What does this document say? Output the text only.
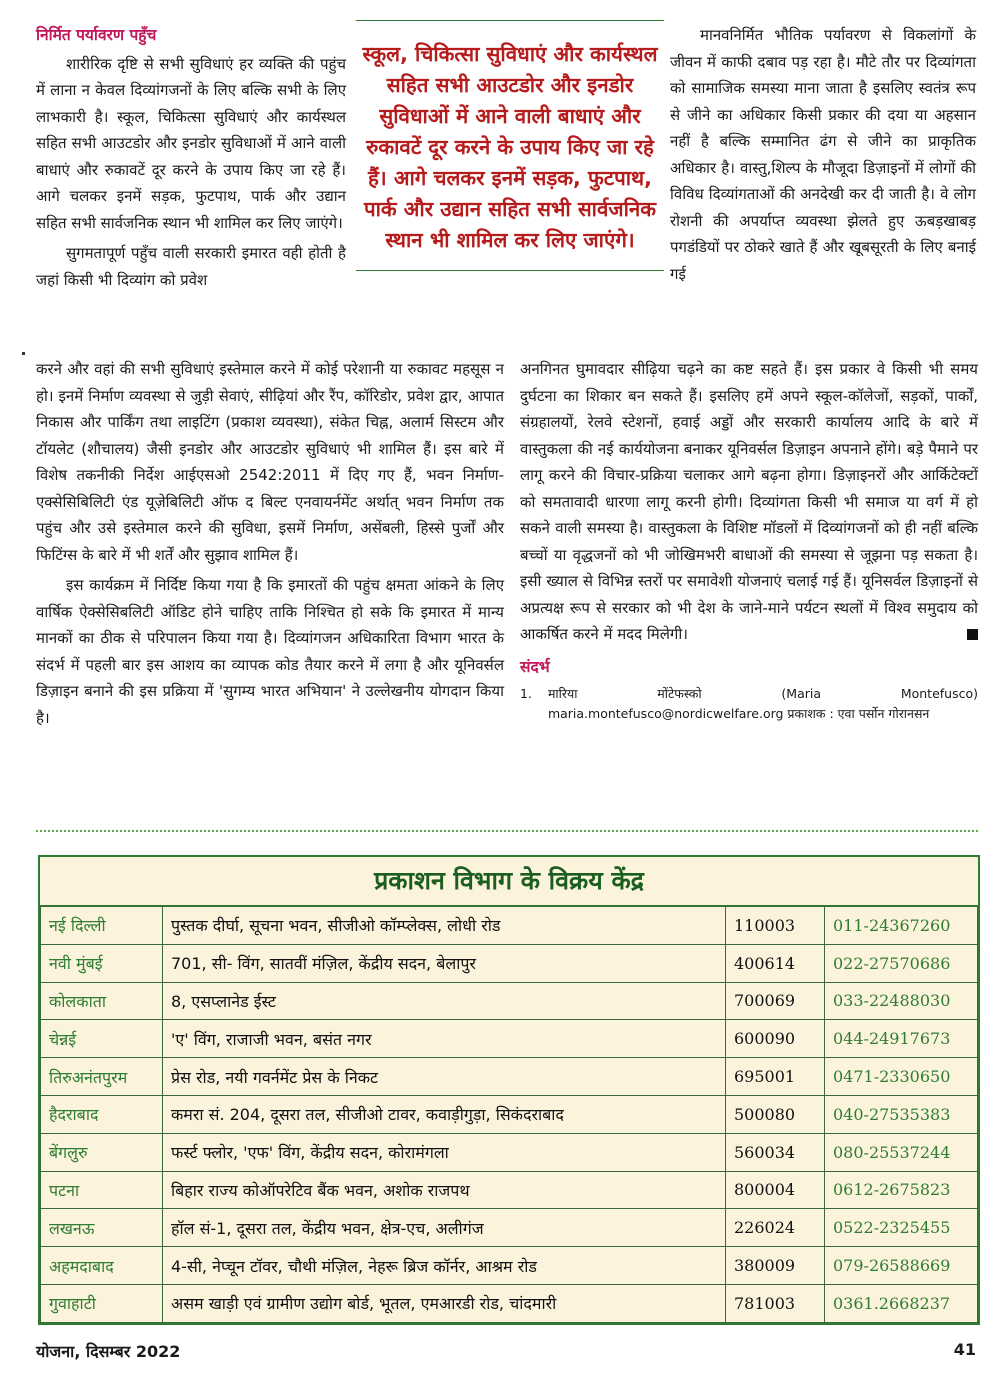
निर्मित पर्यावरण पहुँच

शारीरिक दृष्टि से सभी सुविधाएं हर व्यक्ति की पहुंच में लाना न केवल दिव्यांगजनों के लिए बल्कि सभी के लिए लाभकारी है। स्कूल, चिकित्सा सुविधाएं और कार्यस्थल सहित सभी आउटडोर और इनडोर सुविधाओं में आने वाली बाधाएं और रुकावटें दूर करने के उपाय किए जा रहे हैं। आगे चलकर इनमें सड़क, फुटपाथ, पार्क और उद्यान सहित सभी सार्वजनिक स्थान भी शामिल कर लिए जाएंगे।

सुगमतापूर्ण पहुँच वाली सरकारी इमारत वही होती है जहां किसी भी दिव्यांग को प्रवेश

स्कूल, चिकित्सा सुविधाएं और कार्यस्थल सहित सभी आउटडोर और इनडोर सुविधाओं में आने वाली बाधाएं और रुकावटें दूर करने के उपाय किए जा रहे हैं। आगे चलकर इनमें सड़क, फुटपाथ, पार्क और उद्यान सहित सभी सार्वजनिक स्थान भी शामिल कर लिए जाएंगे।

मानवनिर्मित भौतिक पर्यावरण से विकलांगों के जीवन में काफी दबाव पड़ रहा है। मौटे तौर पर दिव्यांगता को सामाजिक समस्या माना जाता है इसलिए स्वतंत्र रूप से जीने का अधिकार किसी प्रकार की दया या अहसान नहीं है बल्कि सम्मानित ढंग से जीने का प्राकृतिक अधिकार है। वास्तु,शिल्प के मौजूदा डिज़ाइनों में लोगों की विविध दिव्यांगताओं की अनदेखी कर दी जाती है। वे लोग रोशनी की अपर्याप्त व्यवस्था झेलते हुए ऊबड़खाबड़ पगडंडियों पर ठोकरे खाते हैं और खूबसूरती के लिए बनाई गई

करने और वहां की सभी सुविधाएं इस्तेमाल करने में कोई परेशानी या रुकावट महसूस न हो। इनमें निर्माण व्यवस्था से जुड़ी सेवाएं, सीढ़ियां और रैंप, कॉरिडोर, प्रवेश द्वार, आपात निकास और पार्किंग तथा लाइटिंग (प्रकाश व्यवस्था), संकेत चिह्न, अलार्म सिस्टम और टॉयलेट (शौचालय) जैसी इनडोर और आउटडोर सुविधाएं भी शामिल हैं। इस बारे में विशेष तकनीकी निर्देश आईएसओ 2542:2011 में दिए गए हैं, भवन निर्माण-एक्सेसिबिलिटी एंड यूज़ेबिलिटी ऑफ द बिल्ट एनवायर्नमेंट अर्थात् भवन निर्माण तक पहुंच और उसे इस्तेमाल करने की सुविधा, इसमें निर्माण, असेंबली, हिस्से पुर्जों और फिटिंग्स के बारे में भी शर्तें और सुझाव शामिल हैं।

इस कार्यक्रम में निर्दिष्ट किया गया है कि इमारतों की पहुंच क्षमता आंकने के लिए वार्षिक ऐक्सेसिबलिटी ऑडिट होने चाहिए ताकि निश्चित हो सके कि इमारत में मान्य मानकों का ठीक से परिपालन किया गया है। दिव्यांगजन अधिकारिता विभाग भारत के संदर्भ में पहली बार इस आशय का व्यापक कोड तैयार करने में लगा है और यूनिवर्सल डिज़ाइन बनाने की इस प्रक्रिया में 'सुगम्य भारत अभियान' ने उल्लेखनीय योगदान किया है।

अनगिनत घुमावदार सीढ़िया चढ़ने का कष्ट सहते हैं। इस प्रकार वे किसी भी समय दुर्घटना का शिकार बन सकते हैं। इसलिए हमें अपने स्कूल-कॉलेजों, सड़कों, पार्कों, संग्रहालयों, रेलवे स्टेशनों, हवाई अड्डों और सरकारी कार्यालय आदि के बारे में वास्तुकला की नई कार्ययोजना बनाकर यूनिवर्सल डिज़ाइन अपनाने होंगे। बड़े पैमाने पर लागू करने की विचार-प्रक्रिया चलाकर आगे बढ़ना होगा। डिज़ाइनरों और आर्किटेक्टों को समतावादी धारणा लागू करनी होगी। दिव्यांगता किसी भी समाज या वर्ग में हो सकने वाली समस्या है। वास्तुकला के विशिष्ट मॉडलों में दिव्यांगजनों को ही नहीं बल्कि बच्चों या वृद्धजनों को भी जोखिमभरी बाधाओं की समस्या से जूझना पड़ सकता है। इसी ख्याल से विभिन्न स्तरों पर समावेशी योजनाएं चलाई गई हैं। यूनिसर्वल डिज़ाइनों से अप्रत्यक्ष रूप से सरकार को भी देश के जाने-माने पर्यटन स्थलों में विश्व समुदाय को आकर्षित करने में मदद मिलेगी।

संदर्भ
1. मारिया मोंटेफस्को (Maria Montefusco) maria.montefusco@nordicwelfare.org प्रकाशक : एवा पर्सोन गोरानसन
प्रकाशन विभाग के विक्रय केंद्र
नई दिल्ली	पुस्तक दीर्घा, सूचना भवन, सीजीओ कॉम्प्लेक्स, लोधी रोड	110003	011-24367260
नवी मुंबई	701, सी- विंग, सातवीं मंज़िल, केंद्रीय सदन, बेलापुर	400614	022-27570686
कोलकाता	8, एसप्लानेड ईस्ट	700069	033-22488030
चेन्नई	'ए' विंग, राजाजी भवन, बसंत नगर	600090	044-24917673
तिरुअनंतपुरम	प्रेस रोड, नयी गवर्नमेंट प्रेस के निकट	695001	0471-2330650
हैदराबाद	कमरा सं. 204, दूसरा तल, सीजीओ टावर, कवाड़ीगुड़ा, सिकंदराबाद	500080	040-27535383
बेंगलुरु	फर्स्ट फ्लोर, 'एफ' विंग, केंद्रीय सदन, कोरामंगला	560034	080-25537244
पटना	बिहार राज्य कोऑपरेटिव बैंक भवन, अशोक राजपथ	800004	0612-2675823
लखनऊ	हॉल सं-1, दूसरा तल, केंद्रीय भवन, क्षेत्र-एच, अलीगंज	226024	0522-2325455
अहमदाबाद	4-सी, नेप्चून टॉवर, चौथी मंज़िल, नेहरू ब्रिज कॉर्नर, आश्रम रोड	380009	079-26588669
गुवाहाटी	असम खाड़ी एवं ग्रामीण उद्योग बोर्ड, भूतल, एमआरडी रोड, चांदमारी	781003	0361.2668237
योजना, दिसम्बर 2022	41
